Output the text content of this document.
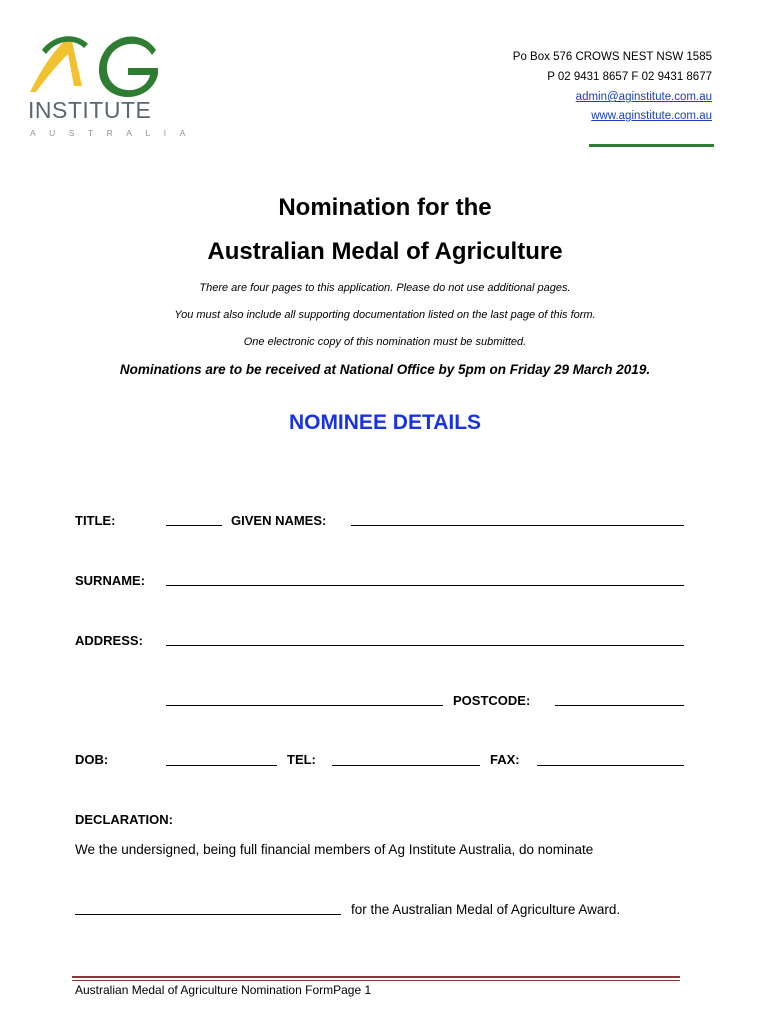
INSTITUTE
AUSTRALIA
Po Box 576 CROWS NEST NSW 1585
P 02 9431 8657 F 02 9431 8677
admin@aginstitute.com.au
www.aginstitute.com.au
Nomination for the
Australian Medal of Agriculture
There are four pages to this application. Please do not use additional pages.
You must also include all supporting documentation listed on the last page of this form.
One electronic copy of this nomination must be submitted.
Nominations are to be received at National Office by 5pm on Friday 29 March 2019.
NOMINEE DETAILS
TITLE:	GIVEN NAMES:
SURNAME:
ADDRESS:
POSTCODE:
DOB:	TEL:	FAX:
DECLARATION:
We the undersigned, being full financial members of Ag Institute Australia, do nominate
for the Australian Medal of Agriculture Award.
Australian Medal of Agriculture Nomination FormPage 1
